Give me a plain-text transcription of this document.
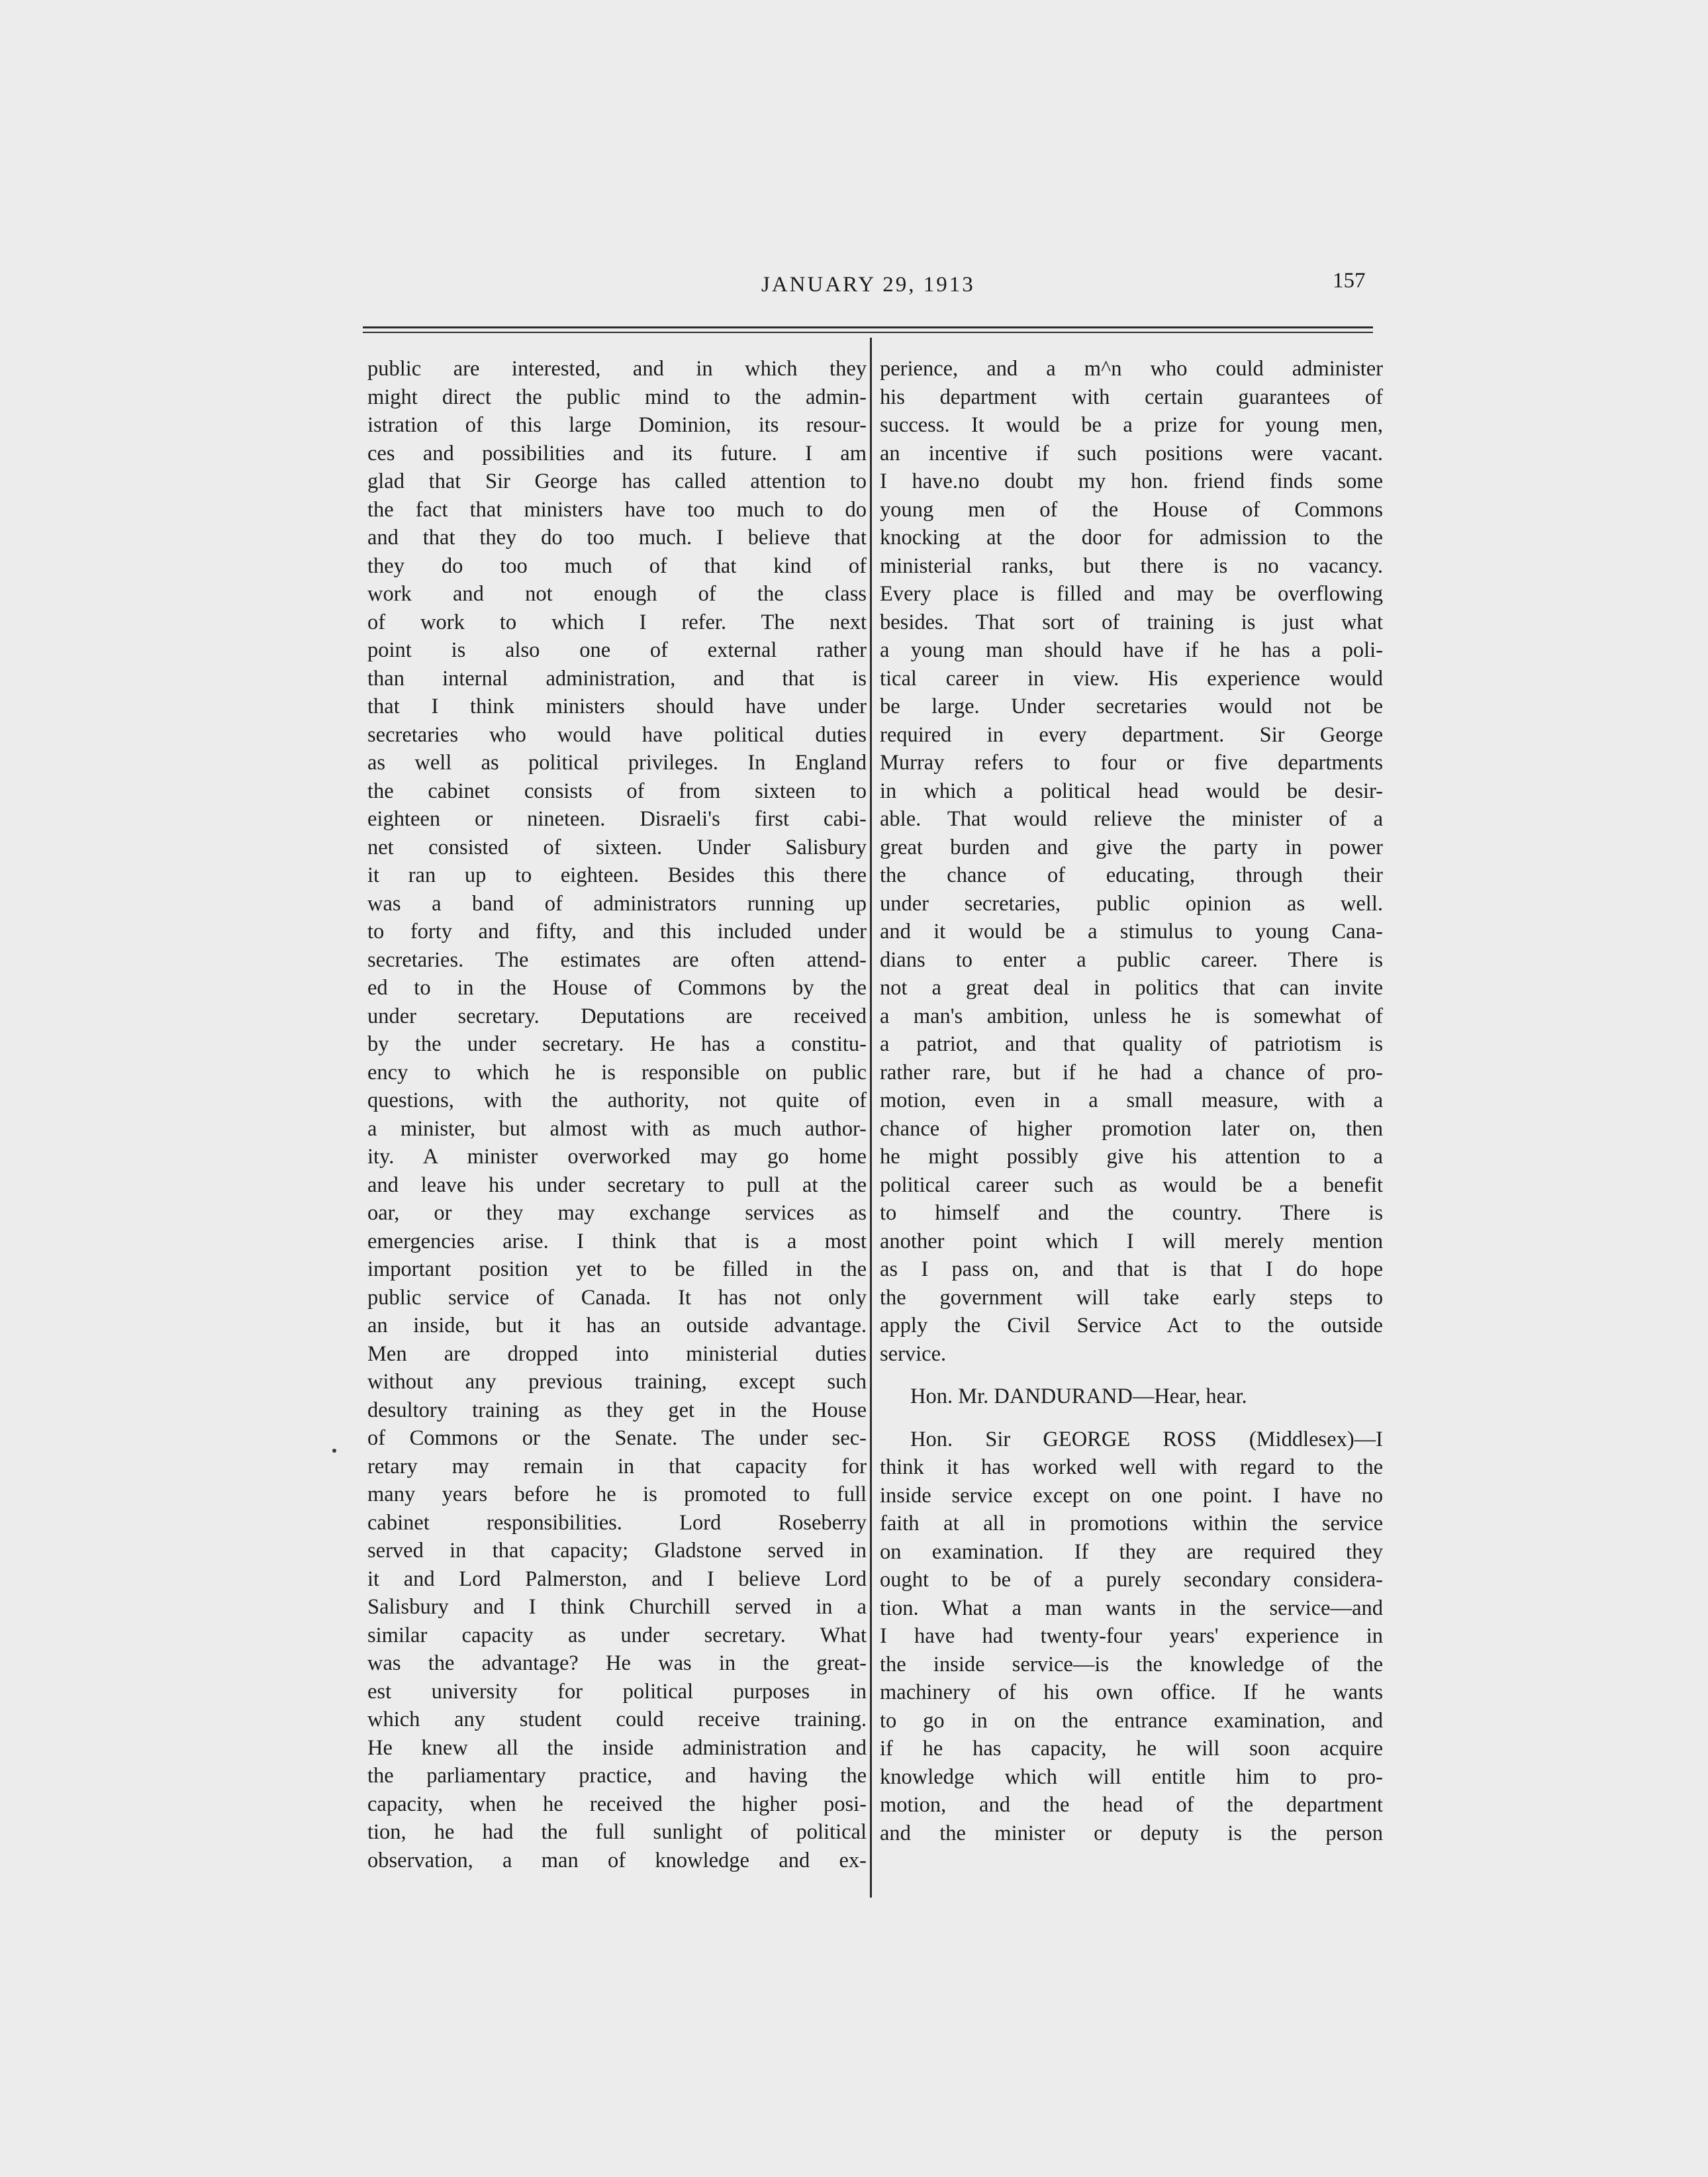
JANUARY 29, 1913	157
public are interested, and in which they
might direct the public mind to the admin-
istration of this large Dominion, its resour-
ces and possibilities and its future. I am
glad that Sir George has called attention to
the fact that ministers have too much to do
and that they do too much. I believe that
they do too much of that kind of
work and not enough of the class
of work to which I refer. The next
point is also one of external rather
than internal administration, and that is
that I think ministers should have under
secretaries who would have political duties
as well as political privileges. In England
the cabinet consists of from sixteen to
eighteen or nineteen. Disraeli's first cabi-
net consisted of sixteen. Under Salisbury
it ran up to eighteen. Besides this there
was a band of administrators running up
to forty and fifty, and this included under
secretaries. The estimates are often attend-
ed to in the House of Commons by the
under secretary. Deputations are received
by the under secretary. He has a constitu-
ency to which he is responsible on public
questions, with the authority, not quite of
a minister, but almost with as much author-
ity. A minister overworked may go home
and leave his under secretary to pull at the
oar, or they may exchange services as
emergencies arise. I think that is a most
important position yet to be filled in the
public service of Canada. It has not only
an inside, but it has an outside advantage.
Men are dropped into ministerial duties
without any previous training, except such
desultory training as they get in the House
of Commons or the Senate. The under sec-
retary may remain in that capacity for
many years before he is promoted to full
cabinet responsibilities. Lord Roseberry
served in that capacity; Gladstone served in
it and Lord Palmerston, and I believe Lord
Salisbury and I think Churchill served in a
similar capacity as under secretary. What
was the advantage? He was in the great-
est university for political purposes in
which any student could receive training.
He knew all the inside administration and
the parliamentary practice, and having the
capacity, when he received the higher posi-
tion, he had the full sunlight of political
observation, a man of knowledge and ex-
perience, and a m^n who could administer
his department with certain guarantees of
success. It would be a prize for young men,
an incentive if such positions were vacant.
I have.no doubt my hon. friend finds some
young men of the House of Commons
knocking at the door for admission to the
ministerial ranks, but there is no vacancy.
Every place is filled and may be overflowing
besides. That sort of training is just what
a young man should have if he has a poli-
tical career in view. His experience would
be large. Under secretaries would not be
required in every department. Sir George
Murray refers to four or five departments
in which a political head would be desir-
able. That would relieve the minister of a
great burden and give the party in power
the chance of educating, through their
under secretaries, public opinion as well.
and it would be a stimulus to young Cana-
dians to enter a public career. There is
not a great deal in politics that can invite
a man's ambition, unless he is somewhat of
a patriot, and that quality of patriotism is
rather rare, but if he had a chance of pro-
motion, even in a small measure, with a
chance of higher promotion later on, then
he might possibly give his attention to a
political career such as would be a benefit
to himself and the country. There is
another point which I will merely mention
as I pass on, and that is that I do hope
the government will take early steps to
apply the Civil Service Act to the outside
service.
Hon. Mr. DANDURAND—Hear, hear.
Hon. Sir GEORGE ROSS (Middlesex)—I
think it has worked well with regard to the
inside service except on one point. I have no
faith at all in promotions within the service
on examination. If they are required they
ought to be of a purely secondary considera-
tion. What a man wants in the service—and
I have had twenty-four years' experience in
the inside service—is the knowledge of the
machinery of his own office. If he wants
to go in on the entrance examination, and
if he has capacity, he will soon acquire
knowledge which will entitle him to pro-
motion, and the head of the department
and the minister or deputy is the person
